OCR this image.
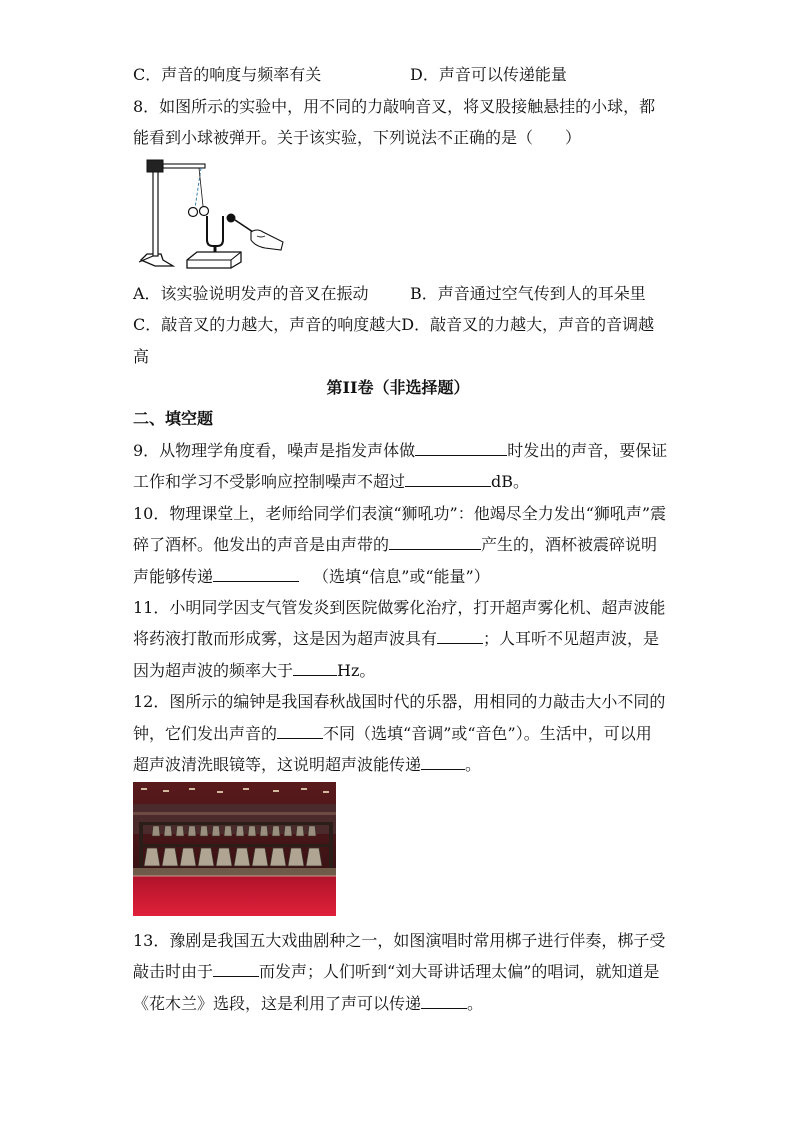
C．声音的响度与频率有关	D．声音可以传递能量
8．如图所示的实验中，用不同的力敲响音叉，将叉股接触悬挂的小球，都
能看到小球被弹开。关于该实验，下列说法不正确的是（　　）
A．该实验说明发声的音叉在振动	B．声音通过空气传到人的耳朵里
C．敲音叉的力越大，声音的响度越大D．敲音叉的力越大，声音的音调越
高
第II卷（非选择题）
二、填空题
9．从物理学角度看，噪声是指发声体做	时发出的声音，要保证
工作和学习不受影响应控制噪声不超过	dB。
10．物理课堂上，老师给同学们表演“狮吼功”：他竭尽全力发出“狮吼声”震
碎了酒杯。他发出的声音是由声带的	产生的，酒杯被震碎说明
声能够传递	（选填“信息”或“能量”）
11．小明同学因支气管发炎到医院做雾化治疗，打开超声雾化机、超声波能
将药液打散而形成雾，这是因为超声波具有	；人耳听不见超声波，是
因为超声波的频率大于	Hz。
12．图所示的编钟是我国春秋战国时代的乐器，用相同的力敲击大小不同的
钟，它们发出声音的	不同（选填“音调”或“音色”）。生活中，可以用
超声波清洗眼镜等，这说明超声波能传递	。
13．豫剧是我国五大戏曲剧种之一，如图演唱时常用梆子进行伴奏，梆子受
敲击时由于	而发声；人们听到“刘大哥讲话理太偏”的唱词，就知道是
《花木兰》选段，这是利用了声可以传递	。
